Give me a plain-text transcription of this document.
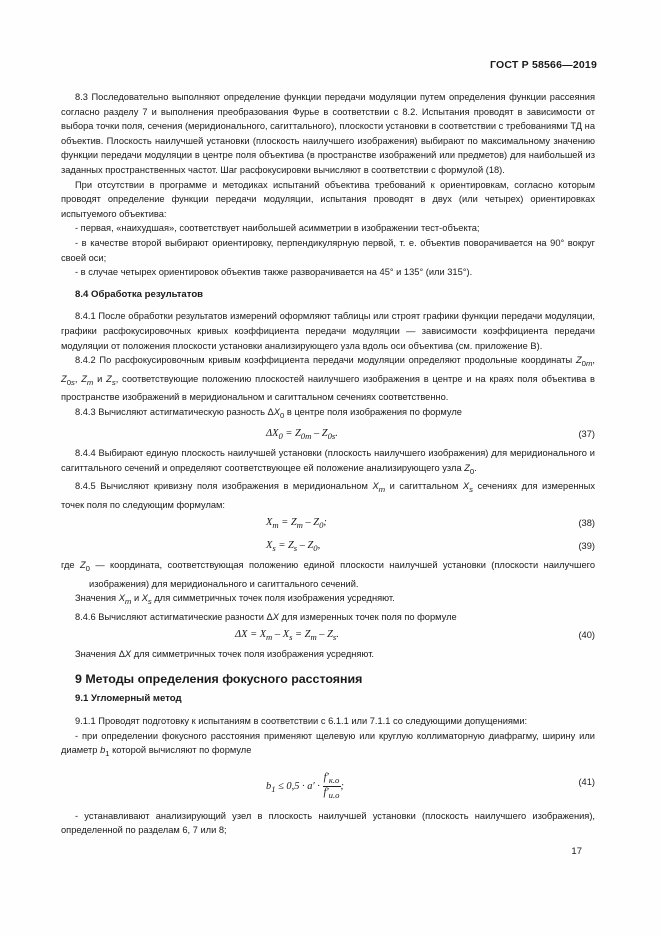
ГОСТ Р 58566—2019

8.3 Последовательно выполняют определение функции передачи модуляции путем определения функции рассеяния согласно разделу 7 и выполнения преобразования Фурье в соответствии с 8.2. Испытания проводят в зависимости от выбора точки поля, сечения (меридионального, сагиттального), плоскости установки в соответствии с требованиями ТД на объектив. Плоскость наилучшей установки (плоскость наилучшего изображения) выбирают по максимальному значению функции передачи модуляции в центре поля объектива (в пространстве изображений или предметов) для наибольшей из заданных пространственных частот. Шаг расфокусировки вычисляют в соответствии с формулой (18).

При отсутствии в программе и методиках испытаний объектива требований к ориентировкам, согласно которым проводят определение функции передачи модуляции, испытания проводят в двух (или четырех) ориентировках испытуемого объектива:

- первая, «наихудшая», соответствует наибольшей асимметрии в изображении тест-объекта;

- в качестве второй выбирают ориентировку, перпендикулярную первой, т. е. объектив поворачивается на 90° вокруг своей оси;

- в случае четырех ориентировок объектив также разворачивается на 45° и 135° (или 315°).

8.4 Обработка результатов

8.4.1 После обработки результатов измерений оформляют таблицы или строят графики функции передачи модуляции, графики расфокусировочных кривых коэффициента передачи модуляции — зависимости коэффициента передачи модуляции от положения плоскости установки анализирующего узла вдоль оси объектива (см. приложение В).

8.4.2 По расфокусировочным кривым коэффициента передачи модуляции определяют продольные координаты $Z_{0m}$, $Z_{0s}$, $Z_m$ и $Z_s$, соответствующие положению плоскостей наилучшего изображения в центре и на краях поля объектива в пространстве изображений в меридиональном и сагиттальном сечениях соответственно.

8.4.3 Вычисляют астигматическую разность $\Delta X_0$ в центре поля изображения по формуле

$\Delta X_0 = Z_{0m} - Z_{0s}$.	(37)

8.4.4 Выбирают единую плоскость наилучшей установки (плоскость наилучшего изображения) для меридионального и сагиттального сечений и определяют соответствующее ей положение анализирующего узла $Z_0$.

8.4.5 Вычисляют кривизну поля изображения в меридиональном $X_m$ и сагиттальном $X_s$ сечениях для измеренных точек поля по следующим формулам:

$X_m = Z_m - Z_0$;	(38)
$X_s = Z_s - Z_0$,	(39)

где $Z_0$ — координата, соответствующая положению единой плоскости наилучшей установки (плоскости наилучшего изображения) для меридионального и сагиттального сечений.

Значения $X_m$ и $X_s$ для симметричных точек поля изображения усредняют.

8.4.6 Вычисляют астигматические разности ΔX для измеренных точек поля по формуле

$\Delta X = X_m - X_s = Z_m - Z_s$.	(40)

Значения ΔX для симметричных точек поля изображения усредняют.

9 Методы определения фокусного расстояния
9.1 Угломерный метод

9.1.1 Проводят подготовку к испытаниям в соответствии с 6.1.1 или 7.1.1 со следующими допущениями:

- при определении фокусного расстояния применяют щелевую или круглую коллиматорную диафрагму, ширину или диаметр $b_1$ которой вычисляют по формуле

$b_1 \le 0,5 \cdot a' \cdot \frac{f'_{к.о}}{f'_{и.о}}$ ;	(41)

- устанавливают анализирующий узел в плоскость наилучшей установки (плоскость наилучшего изображения), определенной по разделам 6, 7 или 8;

17
